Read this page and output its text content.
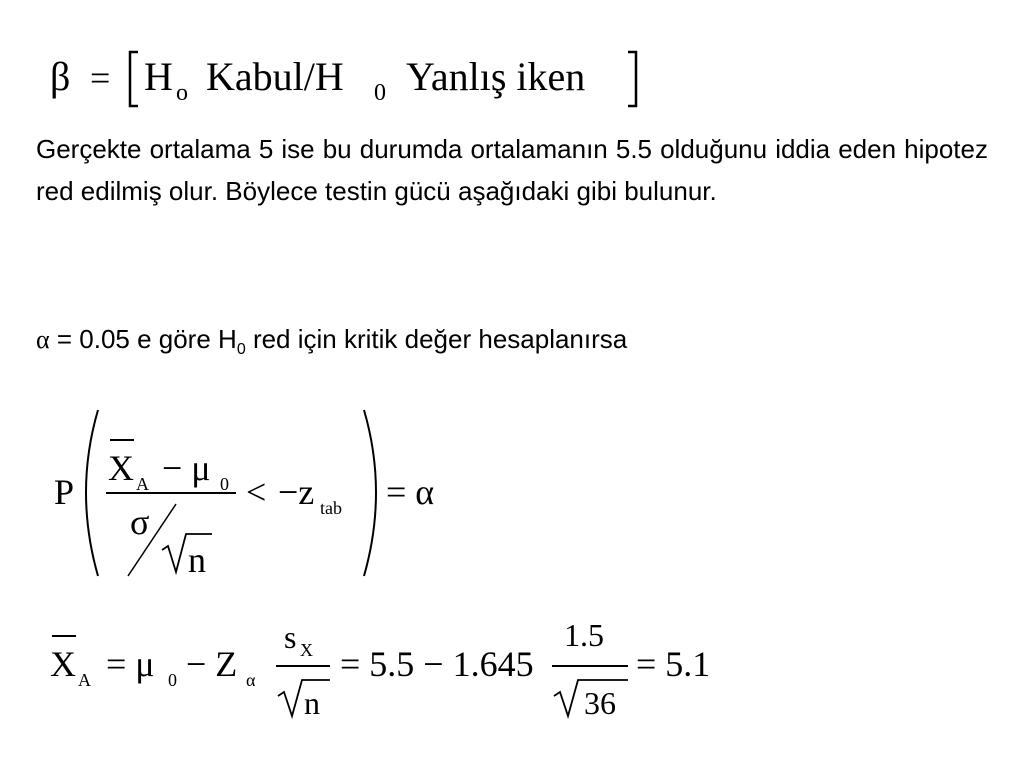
β = H o Kabul/H 0 Yanlış iken
Gerçekte ortalama 5 ise bu durumda ortalamanın 5.5 olduğunu iddia eden hipotez red edilmiş olur. Böylece testin gücü aşağıdaki gibi bulunur.
α = 0.05 e göre $H_0$ red için kritik değer hesaplanırsa
P
X A − μ 0
σ
n
< −z tab = α
X A = μ 0 − Z α
s X
n
= 5.5 − 1.645
1.5
36
= 5.1
